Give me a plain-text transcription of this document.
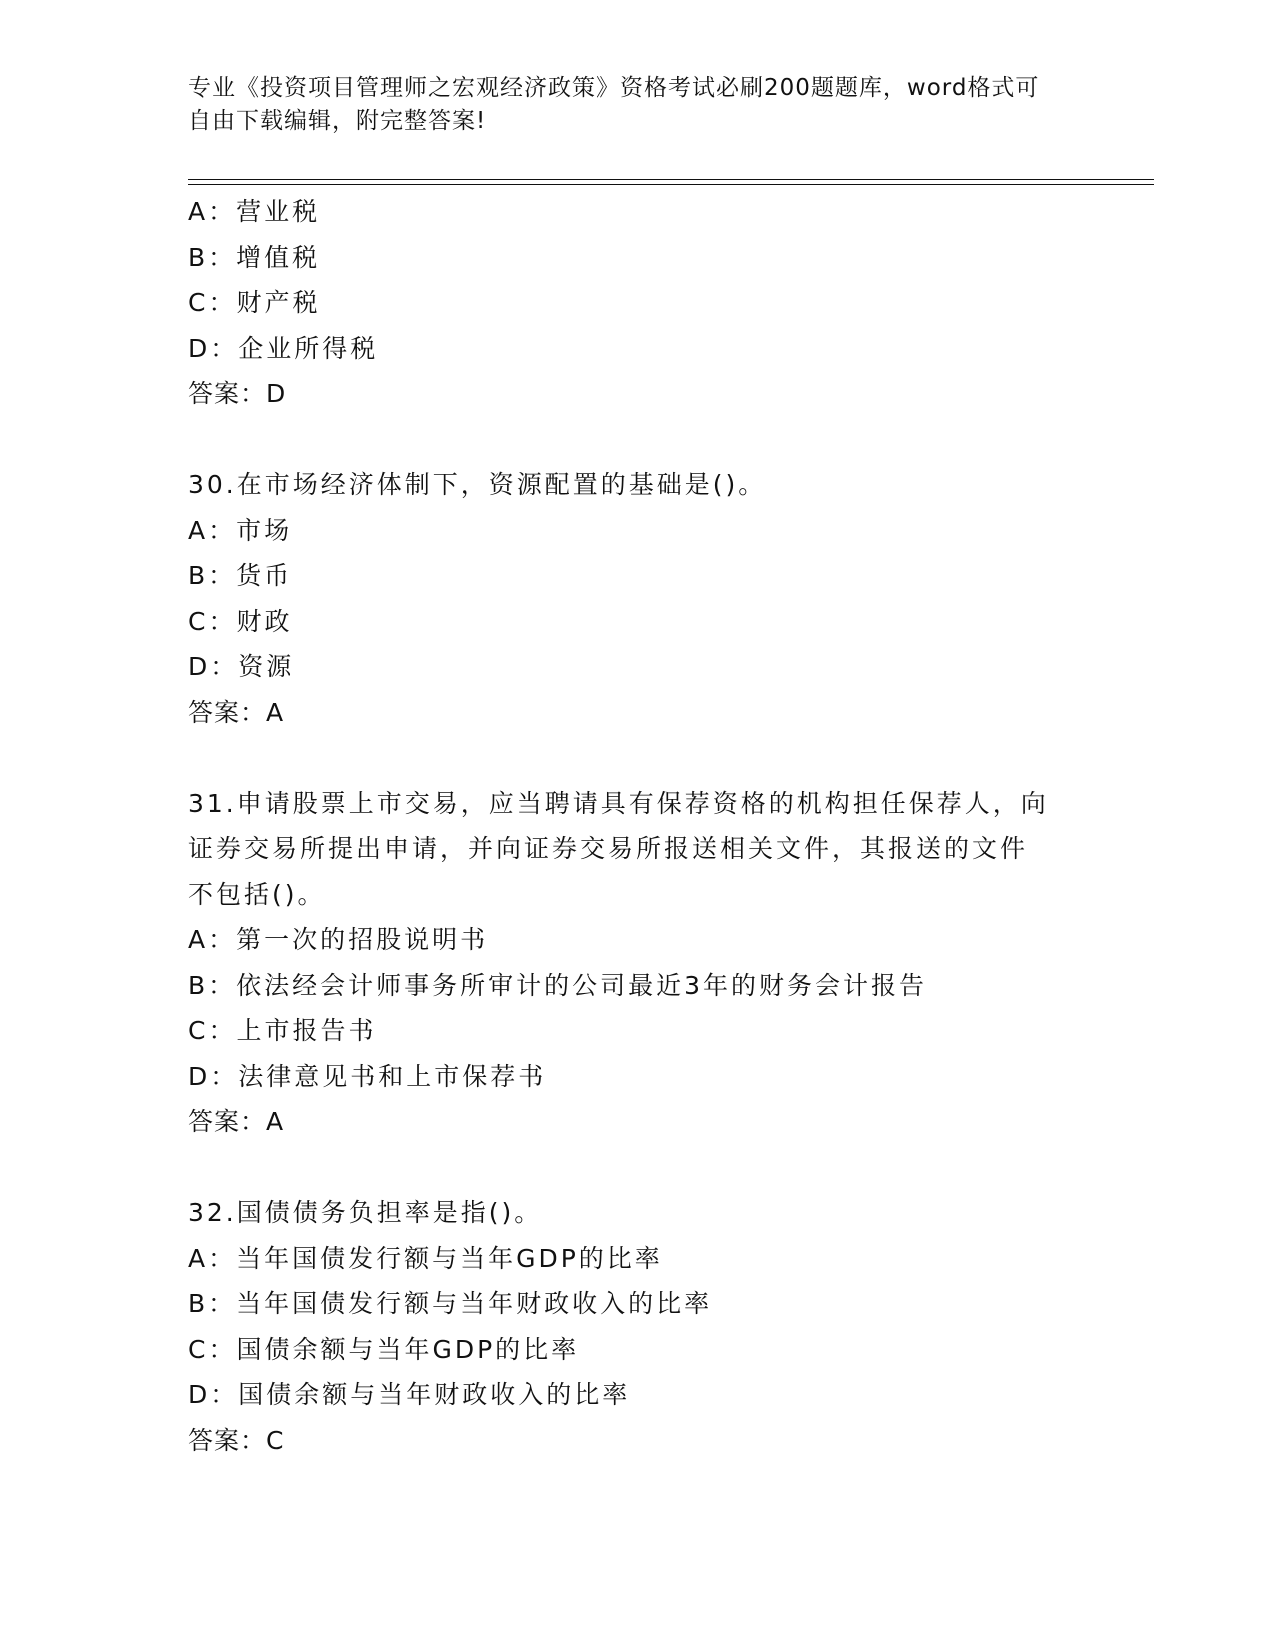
专业《投资项目管理师之宏观经济政策》资格考试必刷200题题库，word格式可
自由下载编辑，附完整答案!
A：营业税
B：增值税
C：财产税
D：企业所得税
答案：D
30.在市场经济体制下，资源配置的基础是()。
A：市场
B：货币
C：财政
D：资源
答案：A
31.申请股票上市交易，应当聘请具有保荐资格的机构担任保荐人，向
证券交易所提出申请，并向证券交易所报送相关文件，其报送的文件
不包括()。
A：第一次的招股说明书
B：依法经会计师事务所审计的公司最近3年的财务会计报告
C：上市报告书
D：法律意见书和上市保荐书
答案：A
32.国债债务负担率是指()。
A：当年国债发行额与当年GDP的比率
B：当年国债发行额与当年财政收入的比率
C：国债余额与当年GDP的比率
D：国债余额与当年财政收入的比率
答案：C
